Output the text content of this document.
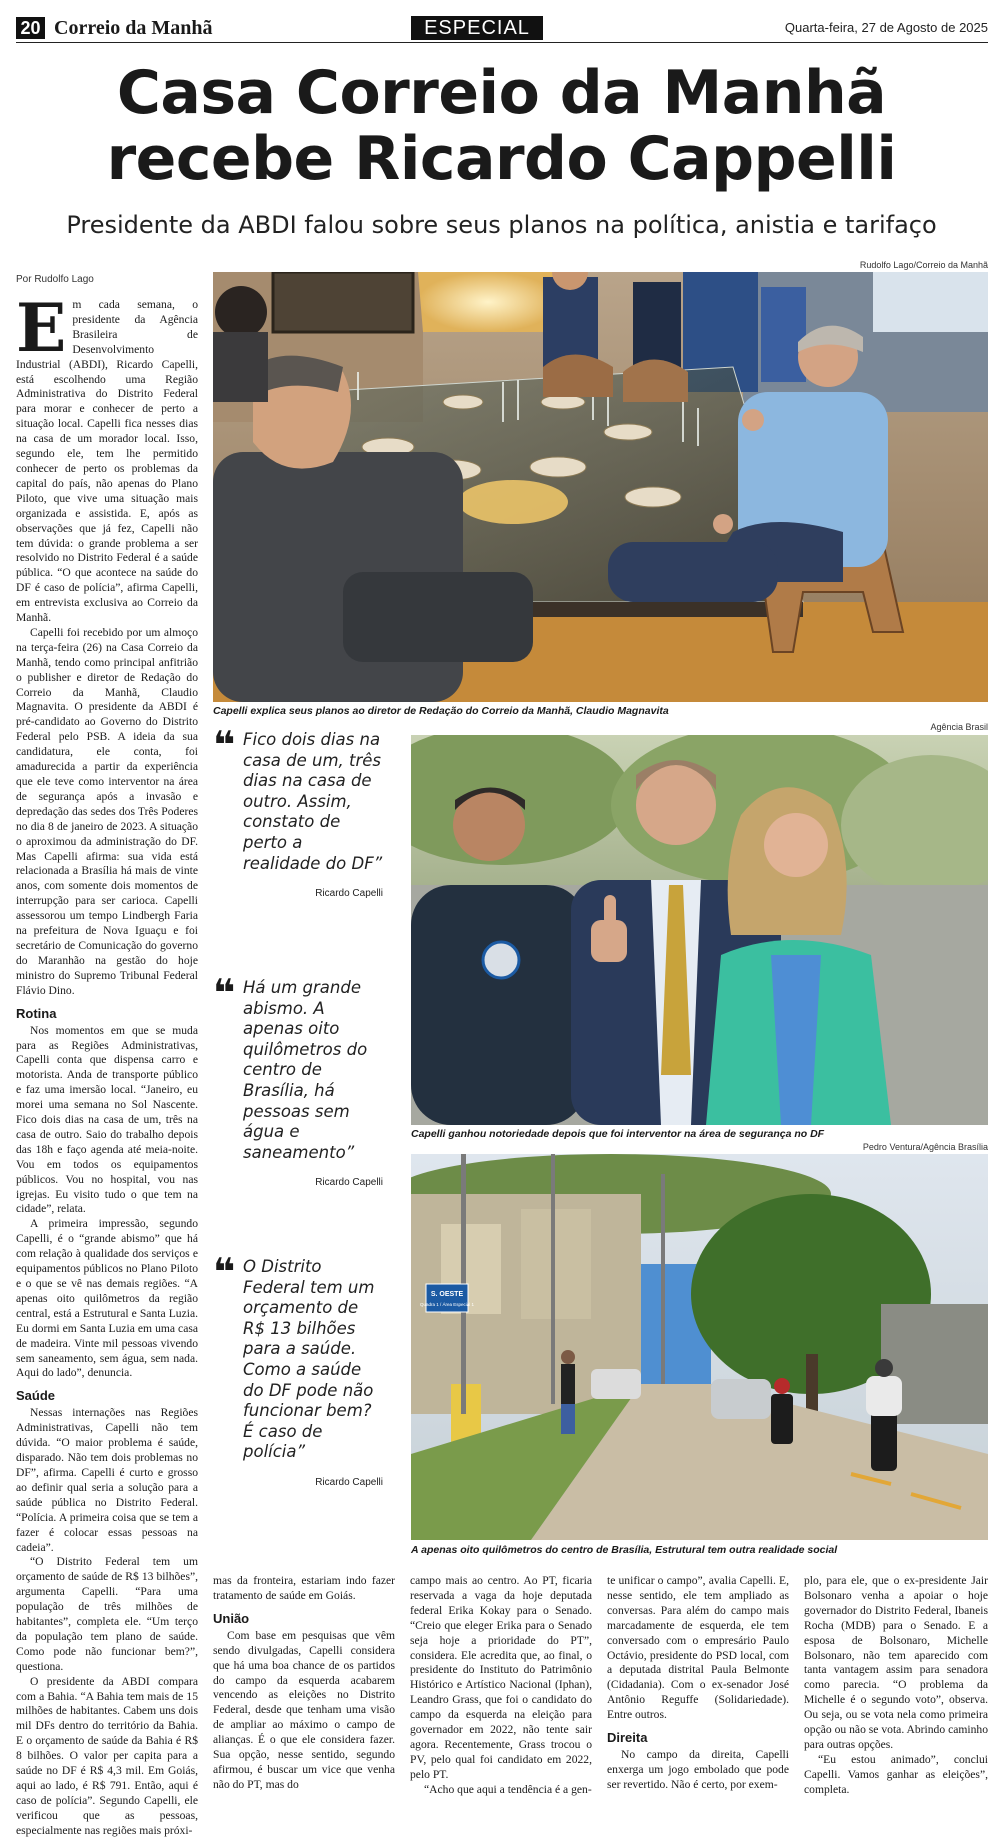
20 Correio da Manhã	ESPECIAL	Quarta-feira, 27 de Agosto de 2025
Casa Correio da Manhã
recebe Ricardo Cappelli
Presidente da ABDI falou sobre seus planos na política, anistia e tarifaço
Por Rudolfo Lago

Em cada semana, o presidente da Agência Brasileira de Desenvolvimento Industrial (ABDI), Ricardo Capelli, está escolhendo uma Região Administrativa do Distrito Federal para morar e conhecer de perto a situação local. Capelli fica nesses dias na casa de um morador local. Isso, segundo ele, tem lhe permitido conhecer de perto os problemas da capital do país, não apenas do Plano Piloto, que vive uma situação mais organizada e assistida. E, após as observações que já fez, Capelli não tem dúvida: o grande problema a ser resolvido no Distrito Federal é a saúde pública. “O que acontece na saúde do DF é caso de polícia”, afirma Capelli, em entrevista exclusiva ao Correio da Manhã.

Capelli foi recebido por um almoço na terça-feira (26) na Casa Correio da Manhã, tendo como principal anfitrião o publisher e diretor de Redação do Correio da Manhã, Claudio Magnavita. O presidente da ABDI é pré-candidato ao Governo do Distrito Federal pelo PSB. A ideia da sua candidatura, ele conta, foi amadurecida a partir da experiência que ele teve como interventor na área de segurança após a invasão e depredação das sedes dos Três Poderes no dia 8 de janeiro de 2023. A situação o aproximou da administração do DF. Mas Capelli afirma: sua vida está relacionada a Brasília há mais de vinte anos, com somente dois momentos de interrupção para ser carioca. Capelli assessorou um tempo Lindbergh Faria na prefeitura de Nova Iguaçu e foi secretário de Comunicação do governo do Maranhão na gestão do hoje ministro do Supremo Tribunal Federal Flávio Dino.

Rotina

Nos momentos em que se muda para as Regiões Administrativas, Capelli conta que dispensa carro e motorista. Anda de transporte público e faz uma imersão local. “Janeiro, eu morei uma semana no Sol Nascente. Fico dois dias na casa de um, três na casa de outro. Saio do trabalho depois das 18h e faço agenda até meia-noite. Vou em todos os equipamentos públicos. Vou no hospital, vou nas igrejas. Eu visito tudo o que tem na cidade”, relata.

A primeira impressão, segundo Capelli, é o “grande abismo” que há com relação à qualidade dos serviços e equipamentos públicos no Plano Piloto e o que se vê nas demais regiões. “A apenas oito quilômetros da região central, está a Estrutural e Santa Luzia. Eu dormi em Santa Luzia em uma casa de madeira. Vinte mil pessoas vivendo sem saneamento, sem água, sem nada. Aqui do lado”, denuncia.

Saúde

Nessas internações nas Regiões Administrativas, Capelli não tem dúvida. “O maior problema é saúde, disparado. Não tem dois problemas no DF”, afirma. Capelli é curto e grosso ao definir qual seria a solução para a saúde pública no Distrito Federal. “Polícia. A primeira coisa que se tem a fazer é colocar essas pessoas na cadeia”.

“O Distrito Federal tem um orçamento de saúde de R$ 13 bilhões”, argumenta Capelli. “Para uma população de três milhões de habitantes”, completa ele. “Um terço da população tem plano de saúde. Como pode não funcionar bem?”, questiona.

O presidente da ABDI compara com a Bahia. “A Bahia tem mais de 15 milhões de habitantes. Cabem uns dois mil DFs dentro do território da Bahia. E o orçamento de saúde da Bahia é R$ 8 bilhões. O valor per capita para a saúde no DF é R$ 4,3 mil. Em Goiás, aqui ao lado, é R$ 791. Então, aqui é caso de polícia”. Segundo Capelli, ele verificou que as pessoas, especialmente nas regiões mais próxi-

mas da fronteira, estariam indo fazer tratamento de saúde em Goiás.

União

Com base em pesquisas que vêm sendo divulgadas, Capelli considera que há uma boa chance de os partidos do campo da esquerda acabarem vencendo as eleições no Distrito Federal, desde que tenham uma visão de ampliar ao máximo o campo de alianças. É o que ele considera fazer. Sua opção, nesse sentido, segundo afirmou, é buscar um vice que venha não do PT, mas do

campo mais ao centro. Ao PT, ficaria reservada a vaga da hoje deputada federal Erika Kokay para o Senado. “Creio que eleger Erika para o Senado seja hoje a prioridade do PT”, considera. Ele acredita que, ao final, o presidente do Instituto do Patrimônio Histórico e Artístico Nacional (Iphan), Leandro Grass, que foi o candidato do campo da esquerda na eleição para governador em 2022, não tente sair agora. Recentemente, Grass trocou o PV, pelo qual foi candidato em 2022, pelo PT.

“Acho que aqui a tendência é a gen-

te unificar o campo”, avalia Capelli. E, nesse sentido, ele tem ampliado as conversas. Para além do campo mais marcadamente de esquerda, ele tem conversado com o empresário Paulo Octávio, presidente do PSD local, com a deputada distrital Paula Belmonte (Cidadania). Com o ex-senador José Antônio Reguffe (Solidariedade). Entre outros.

Direita

No campo da direita, Capelli enxerga um jogo embolado que pode ser revertido. Não é certo, por exem-

plo, para ele, que o ex-presidente Jair Bolsonaro venha a apoiar o hoje governador do Distrito Federal, Ibaneis Rocha (MDB) para o Senado. E a esposa de Bolsonaro, Michelle Bolsonaro, não tem aparecido com tanta vantagem assim para senadora como parecia. “O problema da Michelle é o segundo voto”, observa. Ou seja, ou se vota nela como primeira opção ou não se vota. Abrindo caminho para outras opções.

“Eu estou animado”, conclui Capelli. Vamos ganhar as eleições”, completa.

❝ Fico dois dias na casa de um, três dias na casa de outro. Assim, constato de perto a realidade do DF”
Ricardo Capelli
❝ Há um grande abismo. A apenas oito quilômetros do centro de Brasília, há pessoas sem água e saneamento”
Ricardo Capelli
❝ O Distrito Federal tem um orçamento de R$ 13 bilhões para a saúde. Como a saúde do DF pode não funcionar bem? É caso de polícia”
Ricardo Capelli
Rudolfo Lago/Correio da Manhã
Capelli explica seus planos ao diretor de Redação do Correio da Manhã, Claudio Magnavita
Agência Brasil
Capelli ganhou notoriedade depois que foi interventor na área de segurança no DF
Pedro Ventura/Agência Brasília
S. OESTE
Quadra 1 / Área Especial 1
A apenas oito quilômetros do centro de Brasília, Estrutural tem outra realidade social
